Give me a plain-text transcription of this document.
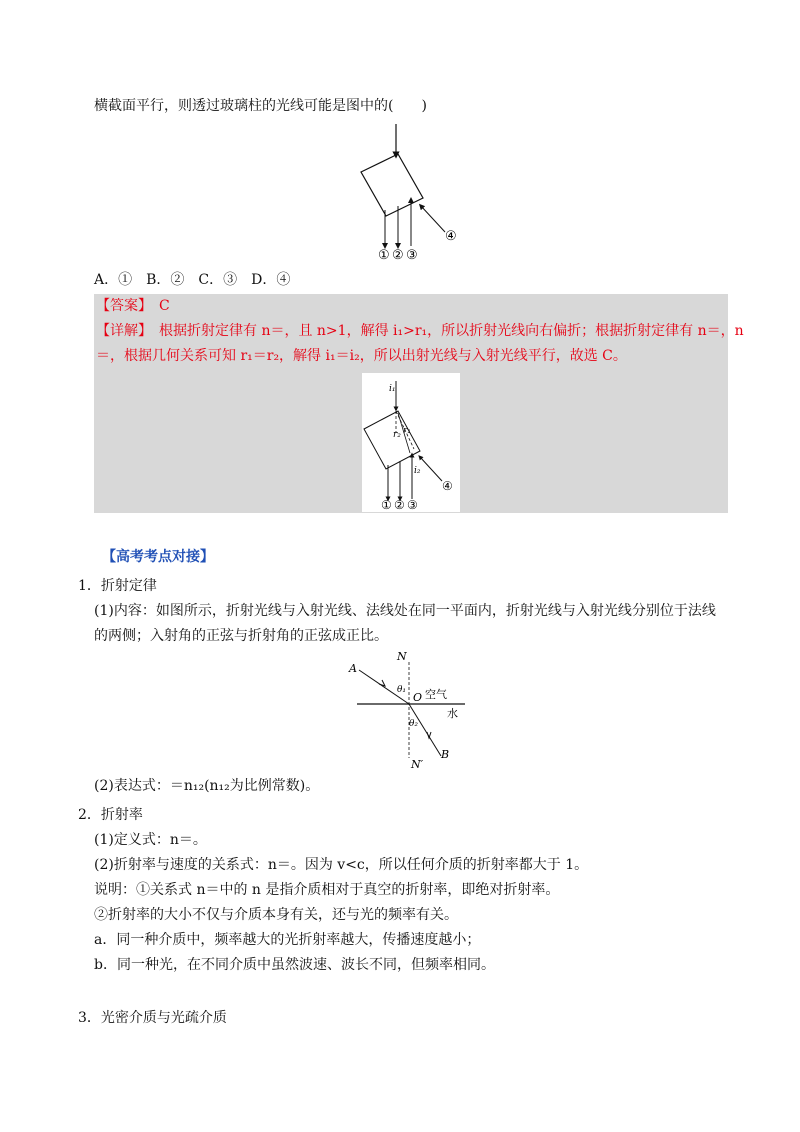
横截面平行，则透过玻璃柱的光线可能是图中的(　　)
① ② ③
④
A．①　B．②　C．③　D．④
【答案】　 C
【详解】　 根据折射定律有 n＝，且 n>1，解得 i₁>r₁，所以折射光线向右偏折；根据折射定律有 n＝，n
＝，根据几何关系可知 r₁＝r₂，解得 i₁＝i₂，所以出射光线与入射光线平行，故选 C。
i₁
r₁
r₂
i₂
① ② ③
④
【高考考点对接】
1．折射定律
(1)内容：如图所示，折射光线与入射光线、法线处在同一平面内，折射光线与入射光线分别位于法线
的两侧；入射角的正弦与折射角的正弦成正比。
N
A
O
θ₁ 空气
θ₂
水
B
N′
(2)表达式：＝n₁₂(n₁₂为比例常数)。
2．折射率
(1)定义式：n＝。
(2)折射率与速度的关系式：n＝。因为 v<c，所以任何介质的折射率都大于 1。
说明：①关系式 n＝中的 n 是指介质相对于真空的折射率，即绝对折射率。
②折射率的大小不仅与介质本身有关，还与光的频率有关。
a．同一种介质中，频率越大的光折射率越大，传播速度越小；
b．同一种光，在不同介质中虽然波速、波长不同，但频率相同。
3．光密介质与光疏介质
